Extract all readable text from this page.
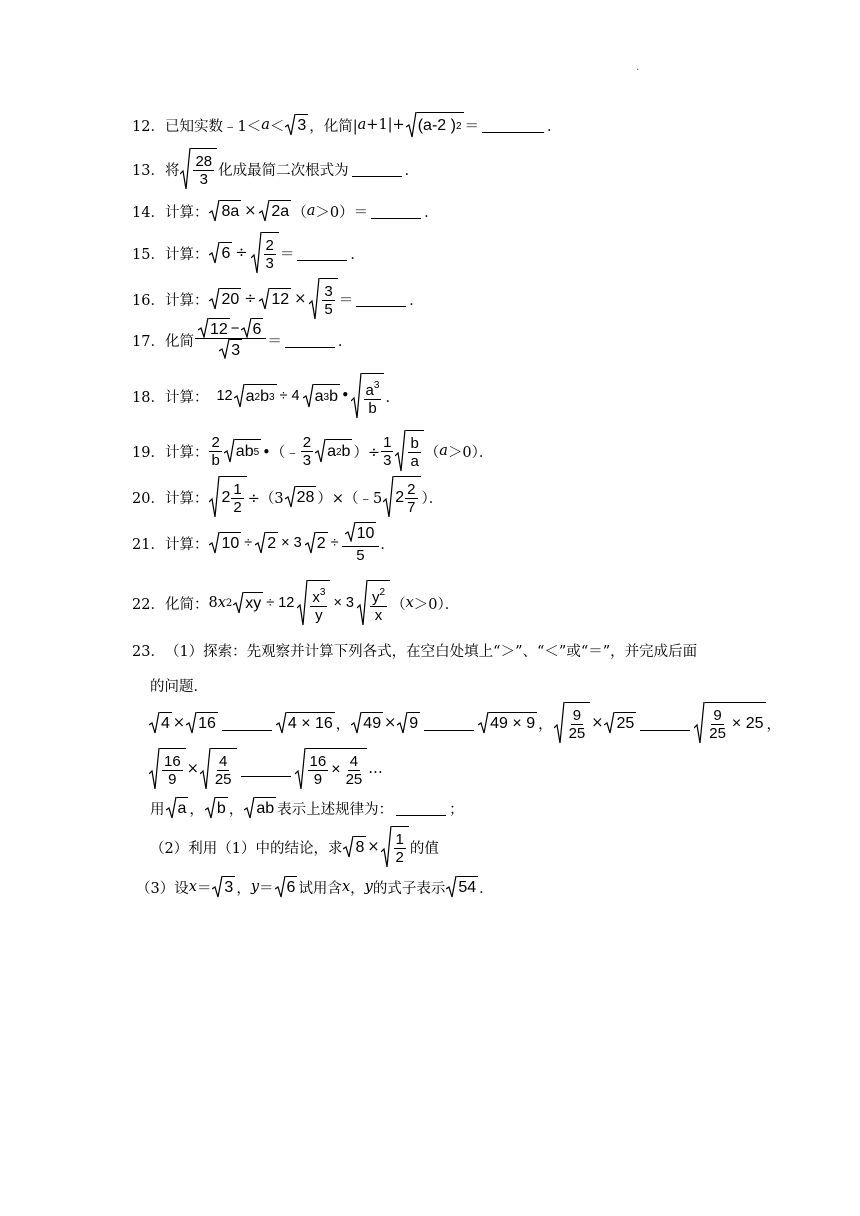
.
12． 已知实数﹣1＜ a ＜ 3 ，化简| a +1|+ (a-2 ) 2 ＝	．
13． 将 $\frac{28}{3}$ 化成最简二次根式为	．
14． 计算： 8a × 2a （ a ＞0）＝	．
15． 计算： $6 \div \frac{2}{3}$ ＝	．
16． 计算： $20 \div 12 \times \frac{3}{5}$ ＝	．
17． 化简 $\frac{12 - 6}{3}$ ＝	．
18． 计算： 12 a 2 b 3 ÷ 4 a 3 b • $\frac{a^3}{b}$ ．
19． 计算： $\frac{2}{b}$ ab 5 •（﹣ $\frac{2}{3}$ a 2 b ）÷ $\frac{1}{3} \frac{b}{a}$ （ a ＞0）．
20． 计算： $2 \frac{1}{2} \div(3$ 28 ）×（﹣5 $2 \frac{2}{7}$ ）．
21． 计算： 10 ÷ 2 × 3 $2 \div \frac{10}{5}$ ．
22． 化简： 8 x 2 xy ÷ $12 \frac{x^3}{y} \times 3 \frac{y^2}{x}$ （ x ＞0）．
23． （1）探索：先观察并计算下列各式，在空白处填上“＞”、“＜”或“＝”，并完成后面
的问题．
4 × 16	4 × 16 ， 49 × 9	49 × 9 ， $\frac{9}{25} \times 25$	$\frac{9}{25} \times 25$ ，
$\frac{16}{9} \times \frac{4}{25}$	$\frac{16}{9} \times \frac{4}{25}$ …
用 a ， b ， ab 表示上述规律为：	；
（2）利用（1）中的结论，求 $8 \times \frac{1}{2}$ 的值
（3）设 x ＝ 3 ， y ＝ 6 试用含 x ， y 的式子表示 54 ．
